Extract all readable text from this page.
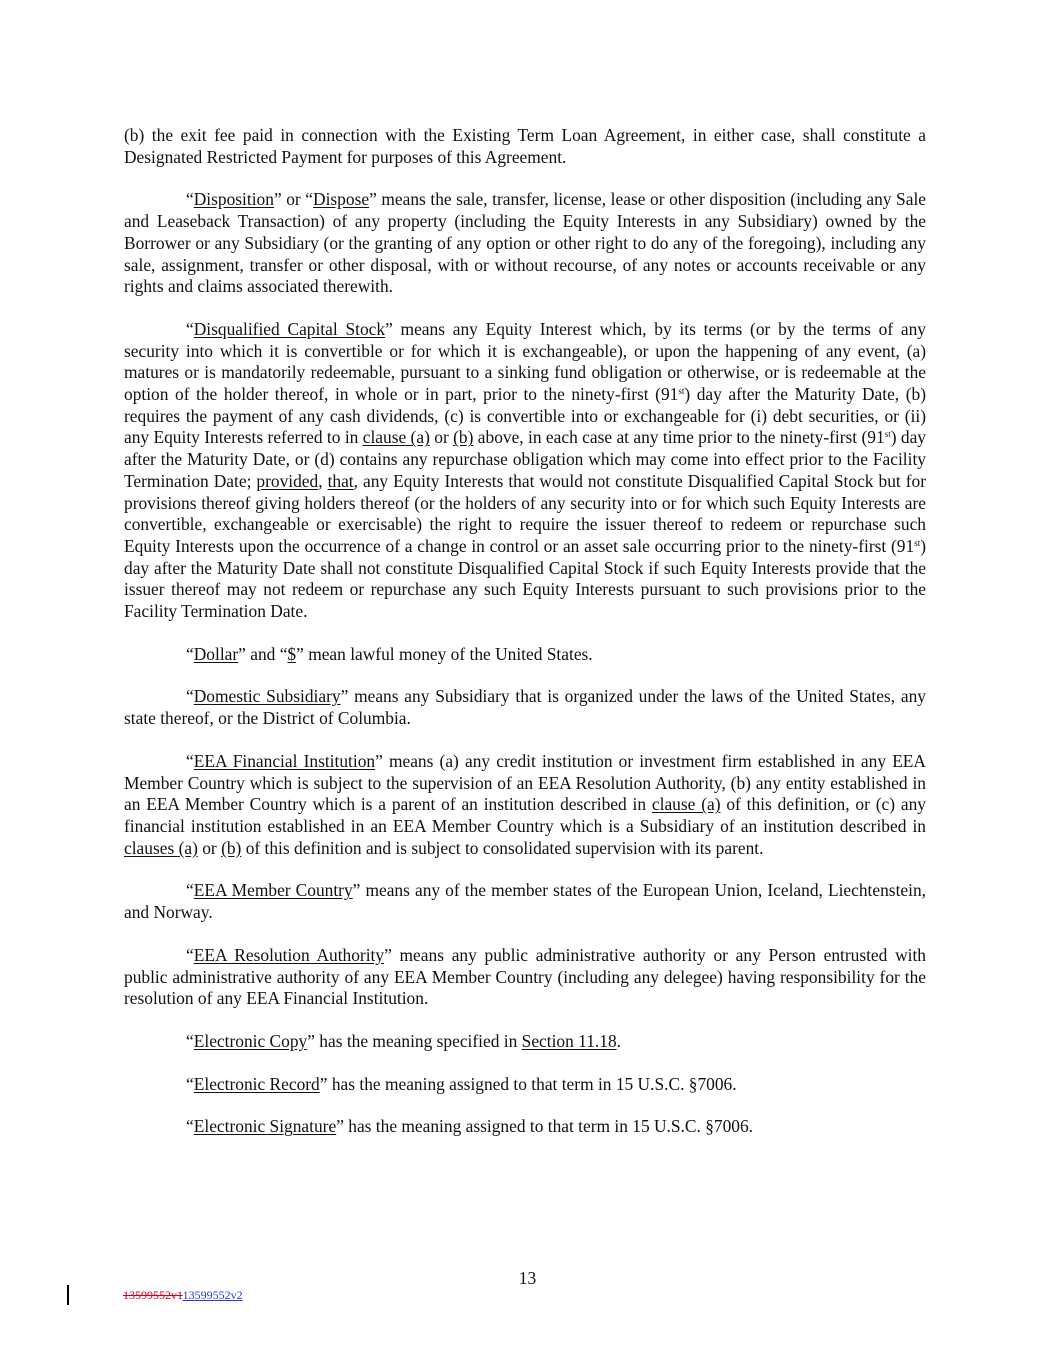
(b) the exit fee paid in connection with the Existing Term Loan Agreement, in either case, shall constitute a Designated Restricted Payment for purposes of this Agreement.

“Disposition” or “Dispose” means the sale, transfer, license, lease or other disposition (including any Sale and Leaseback Transaction) of any property (including the Equity Interests in any Subsidiary) owned by the Borrower or any Subsidiary (or the granting of any option or other right to do any of the foregoing), including any sale, assignment, transfer or other disposal, with or without recourse, of any notes or accounts receivable or any rights and claims associated therewith.

“Disqualified Capital Stock” means any Equity Interest which, by its terms (or by the terms of any security into which it is convertible or for which it is exchangeable), or upon the happening of any event, (a) matures or is mandatorily redeemable, pursuant to a sinking fund obligation or otherwise, or is redeemable at the option of the holder thereof, in whole or in part, prior to the ninety-first (91st) day after the Maturity Date, (b) requires the payment of any cash dividends, (c) is convertible into or exchangeable for (i) debt securities, or (ii) any Equity Interests referred to in clause (a) or (b) above, in each case at any time prior to the ninety-first (91st) day after the Maturity Date, or (d) contains any repurchase obligation which may come into effect prior to the Facility Termination Date; provided, that, any Equity Interests that would not constitute Disqualified Capital Stock but for provisions thereof giving holders thereof (or the holders of any security into or for which such Equity Interests are convertible, exchangeable or exercisable) the right to require the issuer thereof to redeem or repurchase such Equity Interests upon the occurrence of a change in control or an asset sale occurring prior to the ninety-first (91st) day after the Maturity Date shall not constitute Disqualified Capital Stock if such Equity Interests provide that the issuer thereof may not redeem or repurchase any such Equity Interests pursuant to such provisions prior to the Facility Termination Date.

“Dollar” and “$” mean lawful money of the United States.

“Domestic Subsidiary” means any Subsidiary that is organized under the laws of the United States, any state thereof, or the District of Columbia.

“EEA Financial Institution” means (a) any credit institution or investment firm established in any EEA Member Country which is subject to the supervision of an EEA Resolution Authority, (b) any entity established in an EEA Member Country which is a parent of an institution described in clause (a) of this definition, or (c) any financial institution established in an EEA Member Country which is a Subsidiary of an institution described in clauses (a) or (b) of this definition and is subject to consolidated supervision with its parent.

“EEA Member Country” means any of the member states of the European Union, Iceland, Liechtenstein, and Norway.

“EEA Resolution Authority” means any public administrative authority or any Person entrusted with public administrative authority of any EEA Member Country (including any delegee) having responsibility for the resolution of any EEA Financial Institution.

“Electronic Copy” has the meaning specified in Section 11.18.

“Electronic Record” has the meaning assigned to that term in 15 U.S.C. §7006.

“Electronic Signature” has the meaning assigned to that term in 15 U.S.C. §7006.

13
13599552v113599552v2
